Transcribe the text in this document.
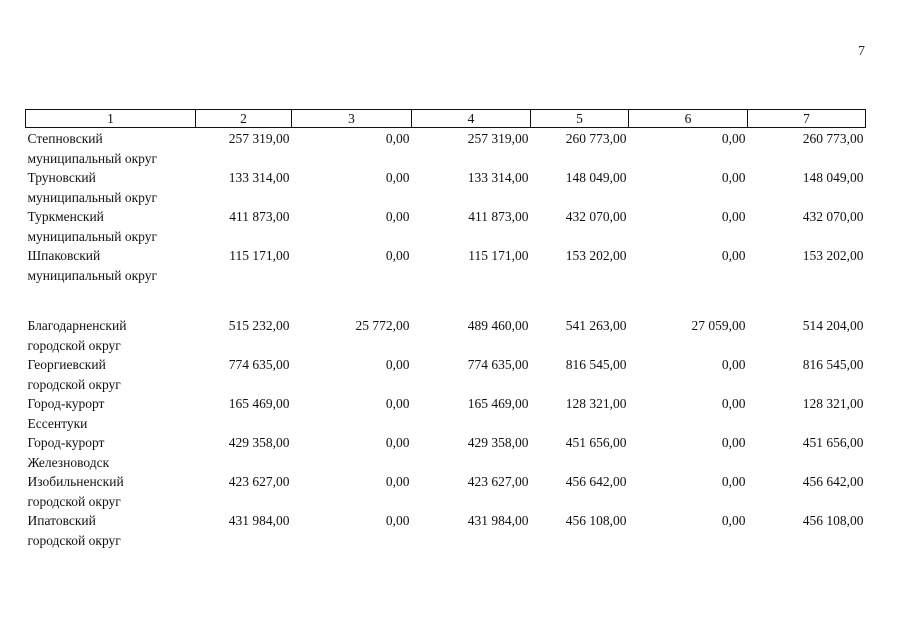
7
1	2	3	4	5	6	7

Степновский
муниципальный округ	257 319,00	0,00	257 319,00	260 773,00	0,00	260 773,00

Труновский
муниципальный округ	133 314,00	0,00	133 314,00	148 049,00	0,00	148 049,00

Туркменский
муниципальный округ	411 873,00	0,00	411 873,00	432 070,00	0,00	432 070,00

Шпаковский
муниципальный округ	115 171,00	0,00	115 171,00	153 202,00	0,00	153 202,00

Благодарненский
городской округ	515 232,00	25 772,00	489 460,00	541 263,00	27 059,00	514 204,00

Георгиевский
городской округ	774 635,00	0,00	774 635,00	816 545,00	0,00	816 545,00

Город-курорт
Ессентуки	165 469,00	0,00	165 469,00	128 321,00	0,00	128 321,00

Город-курорт
Железноводск	429 358,00	0,00	429 358,00	451 656,00	0,00	451 656,00

Изобильненский
городской округ	423 627,00	0,00	423 627,00	456 642,00	0,00	456 642,00

Ипатовский
городской округ	431 984,00	0,00	431 984,00	456 108,00	0,00	456 108,00
